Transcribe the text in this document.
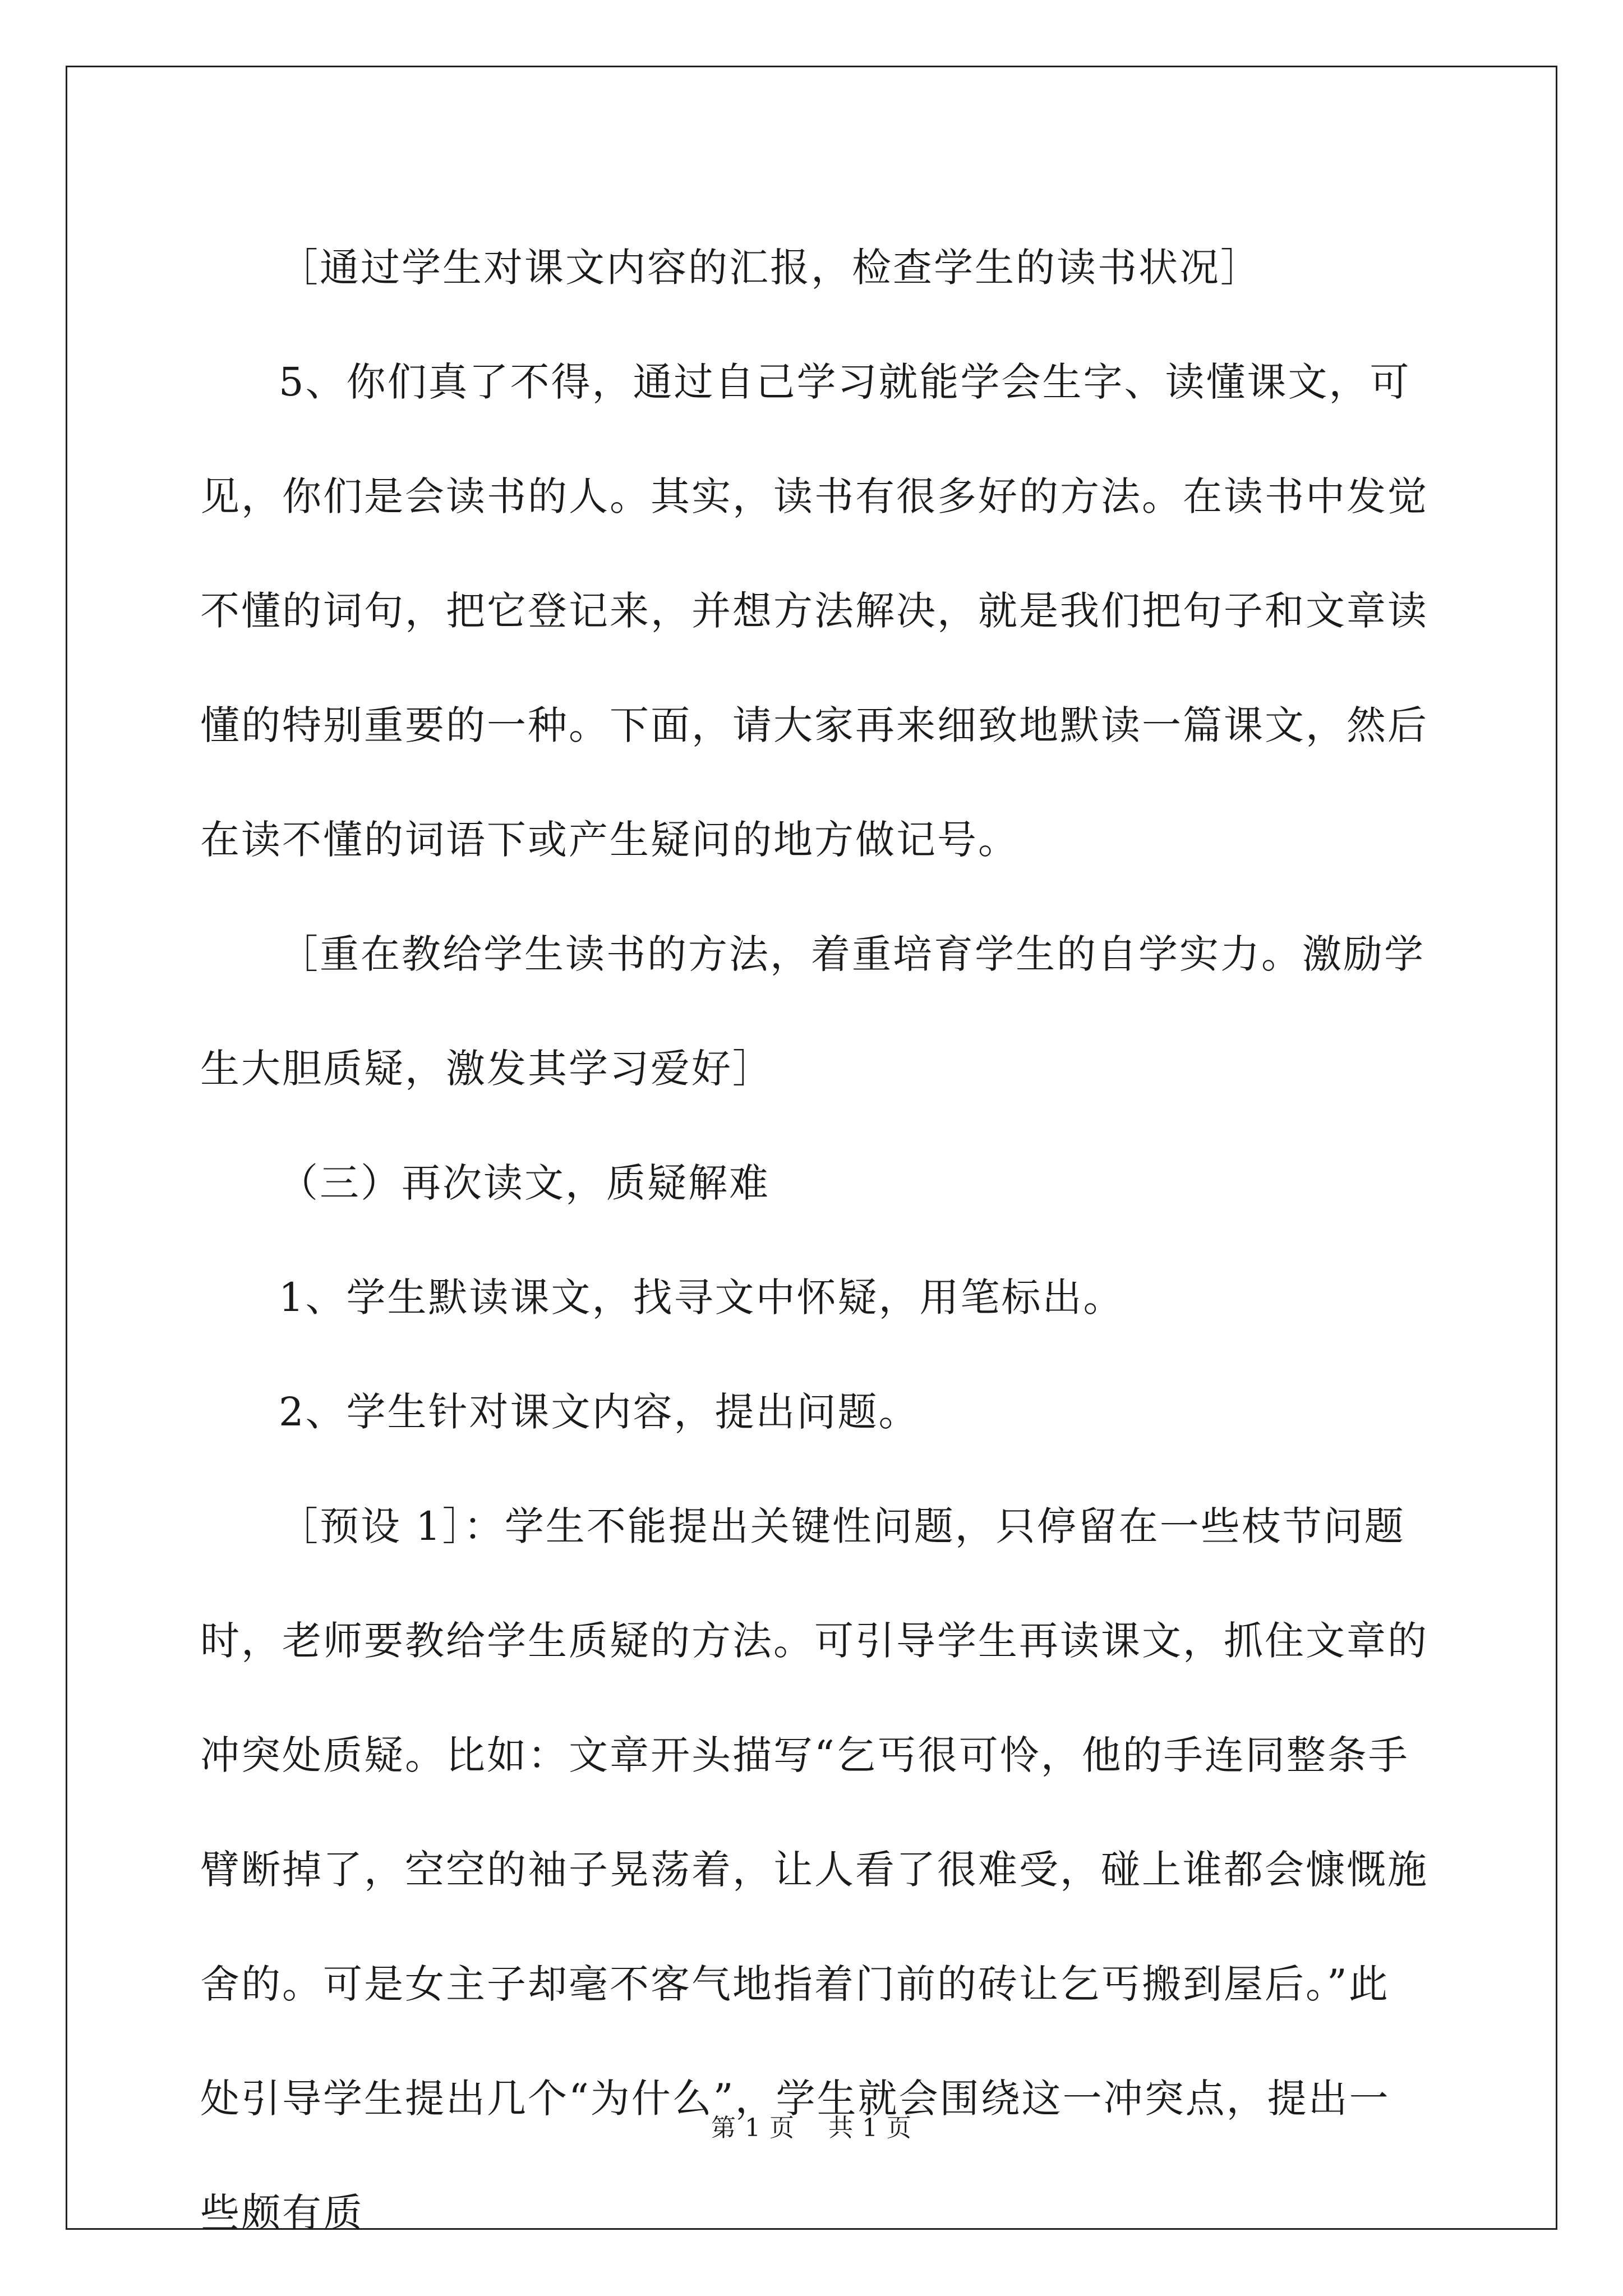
［通过学生对课文内容的汇报，检查学生的读书状况］

5、你们真了不得，通过自己学习就能学会生字、读懂课文，可见，你们是会读书的人。其实，读书有很多好的方法。在读书中发觉不懂的词句，把它登记来，并想方法解决，就是我们把句子和文章读懂的特别重要的一种。下面，请大家再来细致地默读一篇课文，然后在读不懂的词语下或产生疑问的地方做记号。

［重在教给学生读书的方法，着重培育学生的自学实力。激励学生大胆质疑，激发其学习爱好］

（三）再次读文，质疑解难

1、学生默读课文，找寻文中怀疑，用笔标出。

2、学生针对课文内容，提出问题。

［预设 1］：学生不能提出关键性问题，只停留在一些枝节问题时，老师要教给学生质疑的方法。可引导学生再读课文，抓住文章的冲突处质疑。比如：文章开头描写“乞丐很可怜，他的手连同整条手臂断掉了，空空的袖子晃荡着，让人看了很难受，碰上谁都会慷慨施舍的。可是女主子却毫不客气地指着门前的砖让乞丐搬到屋后。”此处引导学生提出几个“为什么”，学生就会围绕这一冲突点，提出一些颇有质

第 1 页 共 1 页
